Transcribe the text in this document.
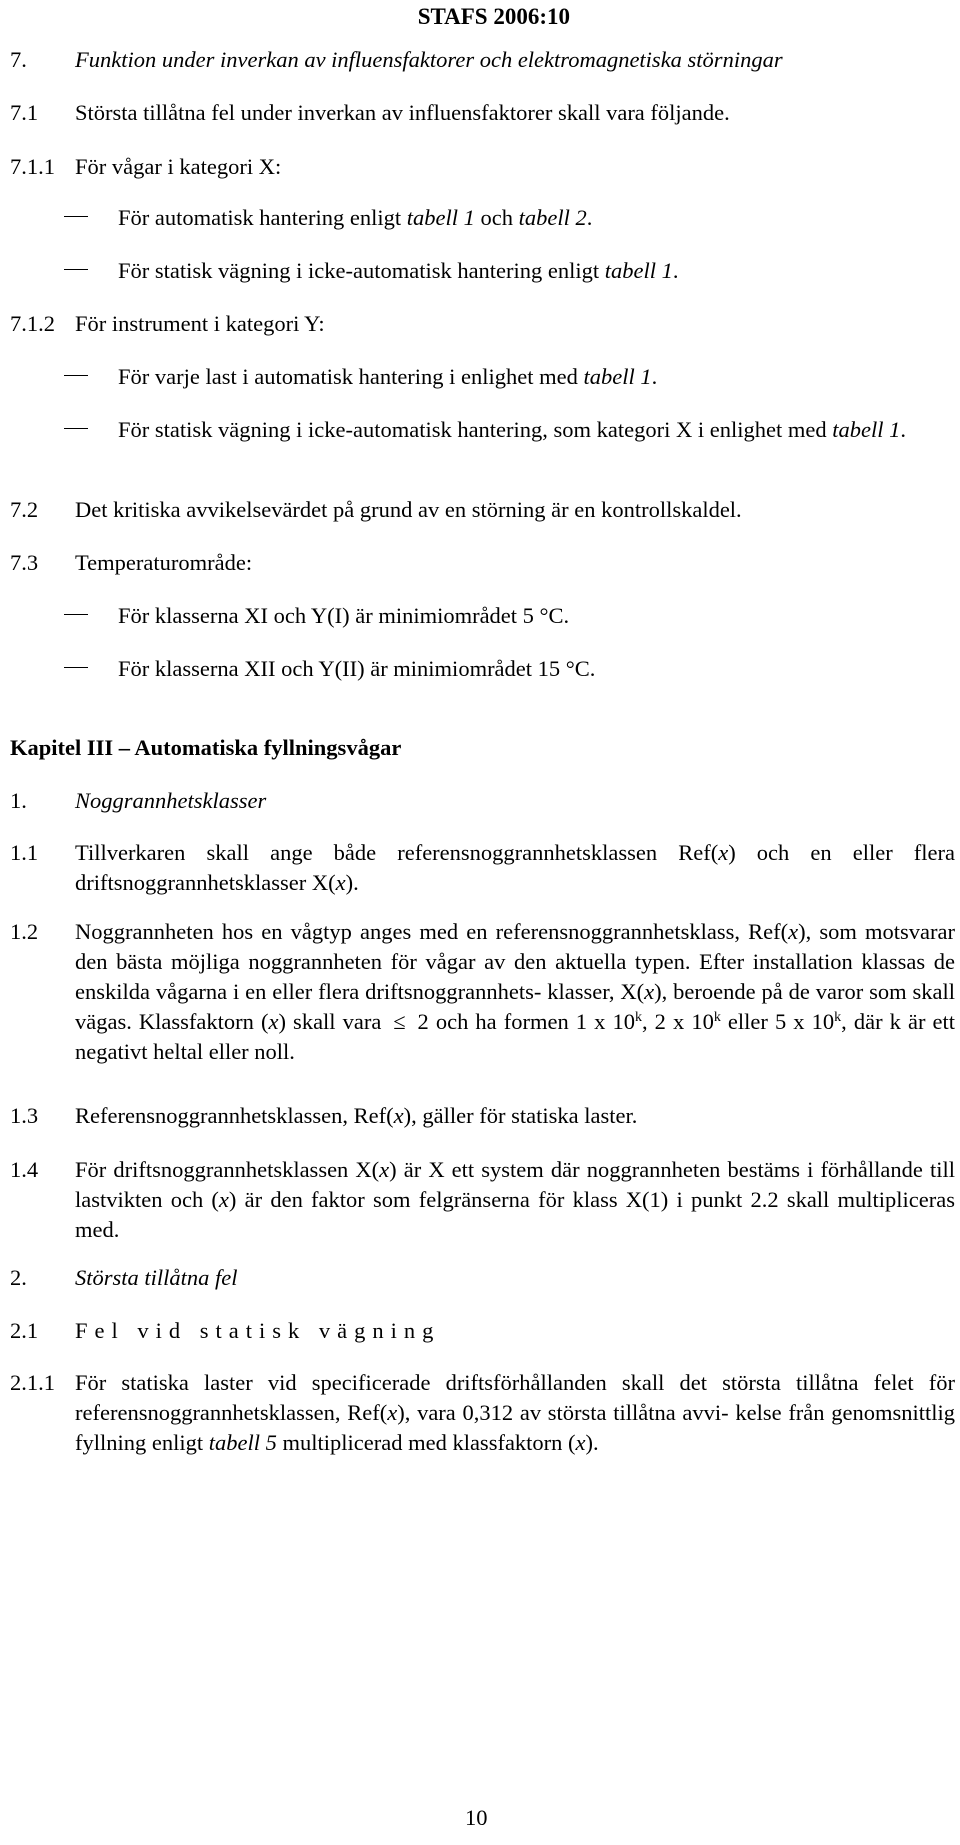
STAFS 2006:10
7. Funktion under inverkan av influensfaktorer och elektromagnetiska störningar
7.1 Största tillåtna fel under inverkan av influensfaktorer skall vara följande.
7.1.1 För vågar i kategori X:
För automatisk hantering enligt tabell 1 och tabell 2.
För statisk vägning i icke-automatisk hantering enligt tabell 1.
7.1.2 För instrument i kategori Y:
För varje last i automatisk hantering i enlighet med tabell 1.
För statisk vägning i icke-automatisk hantering, som kategori X i enlighet med tabell 1.
7.2 Det kritiska avvikelsevärdet på grund av en störning är en kontrollskaldel.
7.3 Temperaturområde:
För klasserna XI och Y(I) är minimiområdet 5 °C.
För klasserna XII och Y(II) är minimiområdet 15 °C.
Kapitel III – Automatiska fyllningsvågar
1. Noggrannhetsklasser
1.1 Tillverkaren skall ange både referensnoggrannhetsklassen Ref(x) och en eller flera driftsnoggrannhetsklasser X(x).
1.2 Noggrannheten hos en vågtyp anges med en referensnoggrannhetsklass, Ref(x), som motsvarar den bästa möjliga noggrannheten för vågar av den aktuella typen. Efter installation klassas de enskilda vågarna i en eller flera driftsnoggrannhets- klasser, X(x), beroende på de varor som skall vägas. Klassfaktorn (x) skall vara ≤ 2 och ha formen 1 x 10$^k$, 2 x 10$^k$ eller 5 x 10$^k$, där k är ett negativt heltal eller noll.
1.3 Referensnoggrannhetsklassen, Ref(x), gäller för statiska laster.
1.4 För driftsnoggrannhetsklassen X(x) är X ett system där noggrannheten bestäms i förhållande till lastvikten och (x) är den faktor som felgränserna för klass X(1) i punkt 2.2 skall multipliceras med.
2. Största tillåtna fel
2.1 Fel vid statisk vägning
2.1.1 För statiska laster vid specificerade driftsförhållanden skall det största tillåtna felet för referensnoggrannhetsklassen, Ref(x), vara 0,312 av största tillåtna avvi- kelse från genomsnittlig fyllning enligt tabell 5 multiplicerad med klassfaktorn (x).
10
